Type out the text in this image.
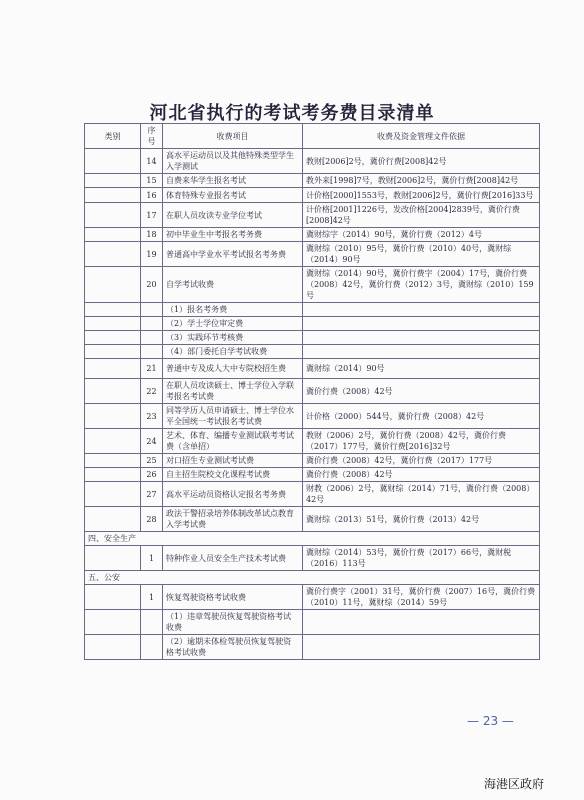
河北省执行的考试考务费目录清单
类别	序号	收费项目	收费及资金管理文件依据
	14	高水平运动员以及其他特殊类型学生入学测试	教财[2006]2号，冀价行费[2008]42号
	15	自费来华学生报名考试	教外来[1998]7号，教财[2006]2号，冀价行费[2008]42号
	16	体育特殊专业报名考试	计价格[2000]1553号，教财[2006]2号，冀价行费[2016]33号
	17	在职人员攻读专业学位考试	计价格[2001]1226号，发改价格[2004]2839号，冀价行费[2008]42号
	18	初中毕业生中考报名考务费	冀财综字（2014）90号，冀价行费（2012）4号
	19	普通高中学业水平考试报名考务费	冀财综（2010）95号，冀价行费（2010）40号，冀财综（2014）90号
	20	自学考试收费	冀财综（2014）90号，冀价行费字（2004）17号，冀价行费（2008）42号，冀价行费（2012）3号，冀财综（2010）159号
		（1）报名考务费	
		（2）学士学位审定费	
		（3）实践环节考核费	
		（4）部门委托自学考试收费	
	21	普通中专及成人大中专院校招生费	冀财综（2014）90号
	22	在职人员攻读硕士、博士学位入学联考报名考试费	冀价行费（2008）42号
	23	同等学历人员申请硕士、博士学位水平全国统一考试报名考试费	计价格（2000）544号，冀价行费（2008）42号
	24	艺术、体育、编播专业测试联考考试费（含单招）	教财（2006）2号，冀价行费（2008）42号，冀价行费（2017）177号，冀价行费[2016]32号
	25	对口招生专业测试考试费	冀价行费（2008）42号，冀价行费（2017）177号
	26	自主招生院校文化课程考试费	冀价行费（2008）42号
	27	高水平运动员资格认定报名考务费	财教（2006）2号，冀财综（2014）71号，冀价行费（2008）42号
	28	政法干警招录培养体制改革试点教育入学考试费	冀财综（2013）51号，冀价行费（2013）42号
四、安全生产			
	1	特种作业人员安全生产技术考试费	冀财综（2014）53号，冀价行费（2017）66号，冀财税（2016）113号
五、公安			
	1	恢复驾驶资格考试收费	冀价行费字（2001）31号，冀价行费（2007）16号，冀价行费（2010）11号，冀财综（2014）59号
		（1）违章驾驶员恢复驾驶资格考试收费	
		（2）逾期未体检驾驶员恢复驾驶资格考试收费	
— 23 —
海港区政府
